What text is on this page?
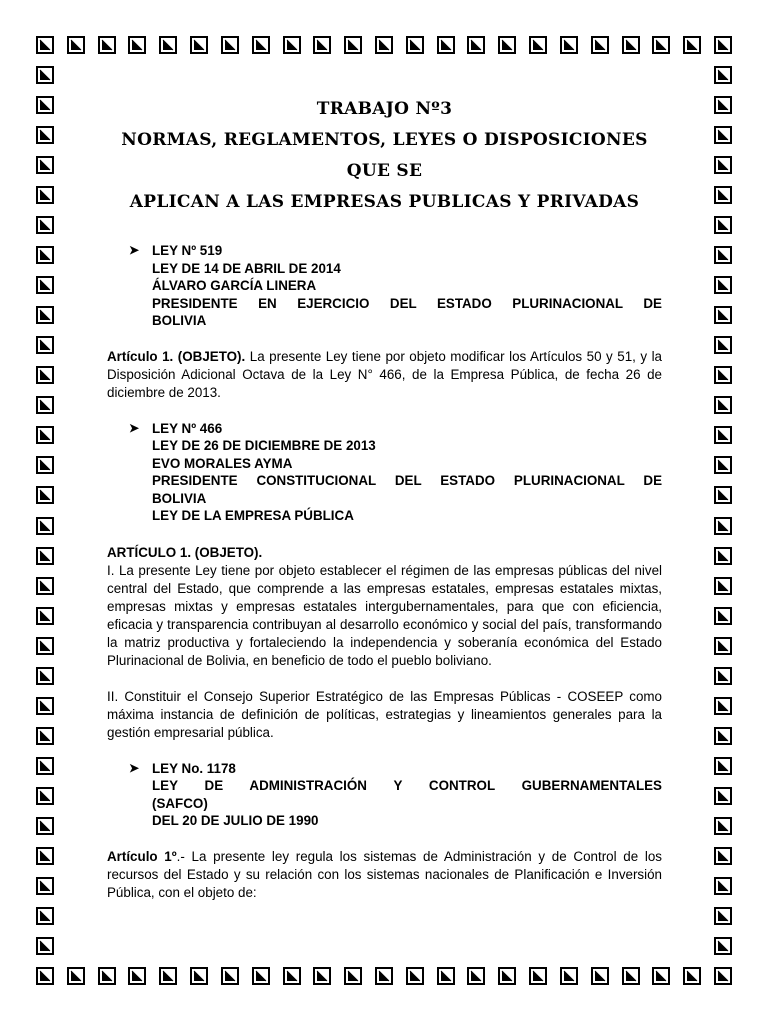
TRABAJO Nº3
NORMAS, REGLAMENTOS, LEYES O DISPOSICIONES QUE SE
APLICAN A LAS EMPRESAS PUBLICAS Y PRIVADAS

➤ LEY Nº 519
LEY DE 14 DE ABRIL DE 2014
ÁLVARO GARCÍA LINERA
PRESIDENTE EN EJERCICIO DEL ESTADO PLURINACIONAL DE
BOLIVIA

Artículo 1. (OBJETO). La presente Ley tiene por objeto modificar los Artículos 50 y 51, y la Disposición Adicional Octava de la Ley N° 466, de la Empresa Pública, de fecha 26 de diciembre de 2013.

➤ LEY Nº 466
LEY DE 26 DE DICIEMBRE DE 2013
EVO MORALES AYMA
PRESIDENTE CONSTITUCIONAL DEL ESTADO PLURINACIONAL DE
BOLIVIA
LEY DE LA EMPRESA PÚBLICA

ARTÍCULO 1. (OBJETO).

I. La presente Ley tiene por objeto establecer el régimen de las empresas públicas del nivel central del Estado, que comprende a las empresas estatales, empresas estatales mixtas, empresas mixtas y empresas estatales intergubernamentales, para que con eficiencia, eficacia y transparencia contribuyan al desarrollo económico y social del país, transformando la matriz productiva y fortaleciendo la independencia y soberanía económica del Estado Plurinacional de Bolivia, en beneficio de todo el pueblo boliviano.

II. Constituir el Consejo Superior Estratégico de las Empresas Públicas - COSEEP como máxima instancia de definición de políticas, estrategias y lineamientos generales para la gestión empresarial pública.

➤ LEY No. 1178
LEY DE ADMINISTRACIÓN Y CONTROL GUBERNAMENTALES
(SAFCO)
DEL 20 DE JULIO DE 1990

Artículo 1º.- La presente ley regula los sistemas de Administración y de Control de los recursos del Estado y su relación con los sistemas nacionales de Planificación e Inversión Pública, con el objeto de:
